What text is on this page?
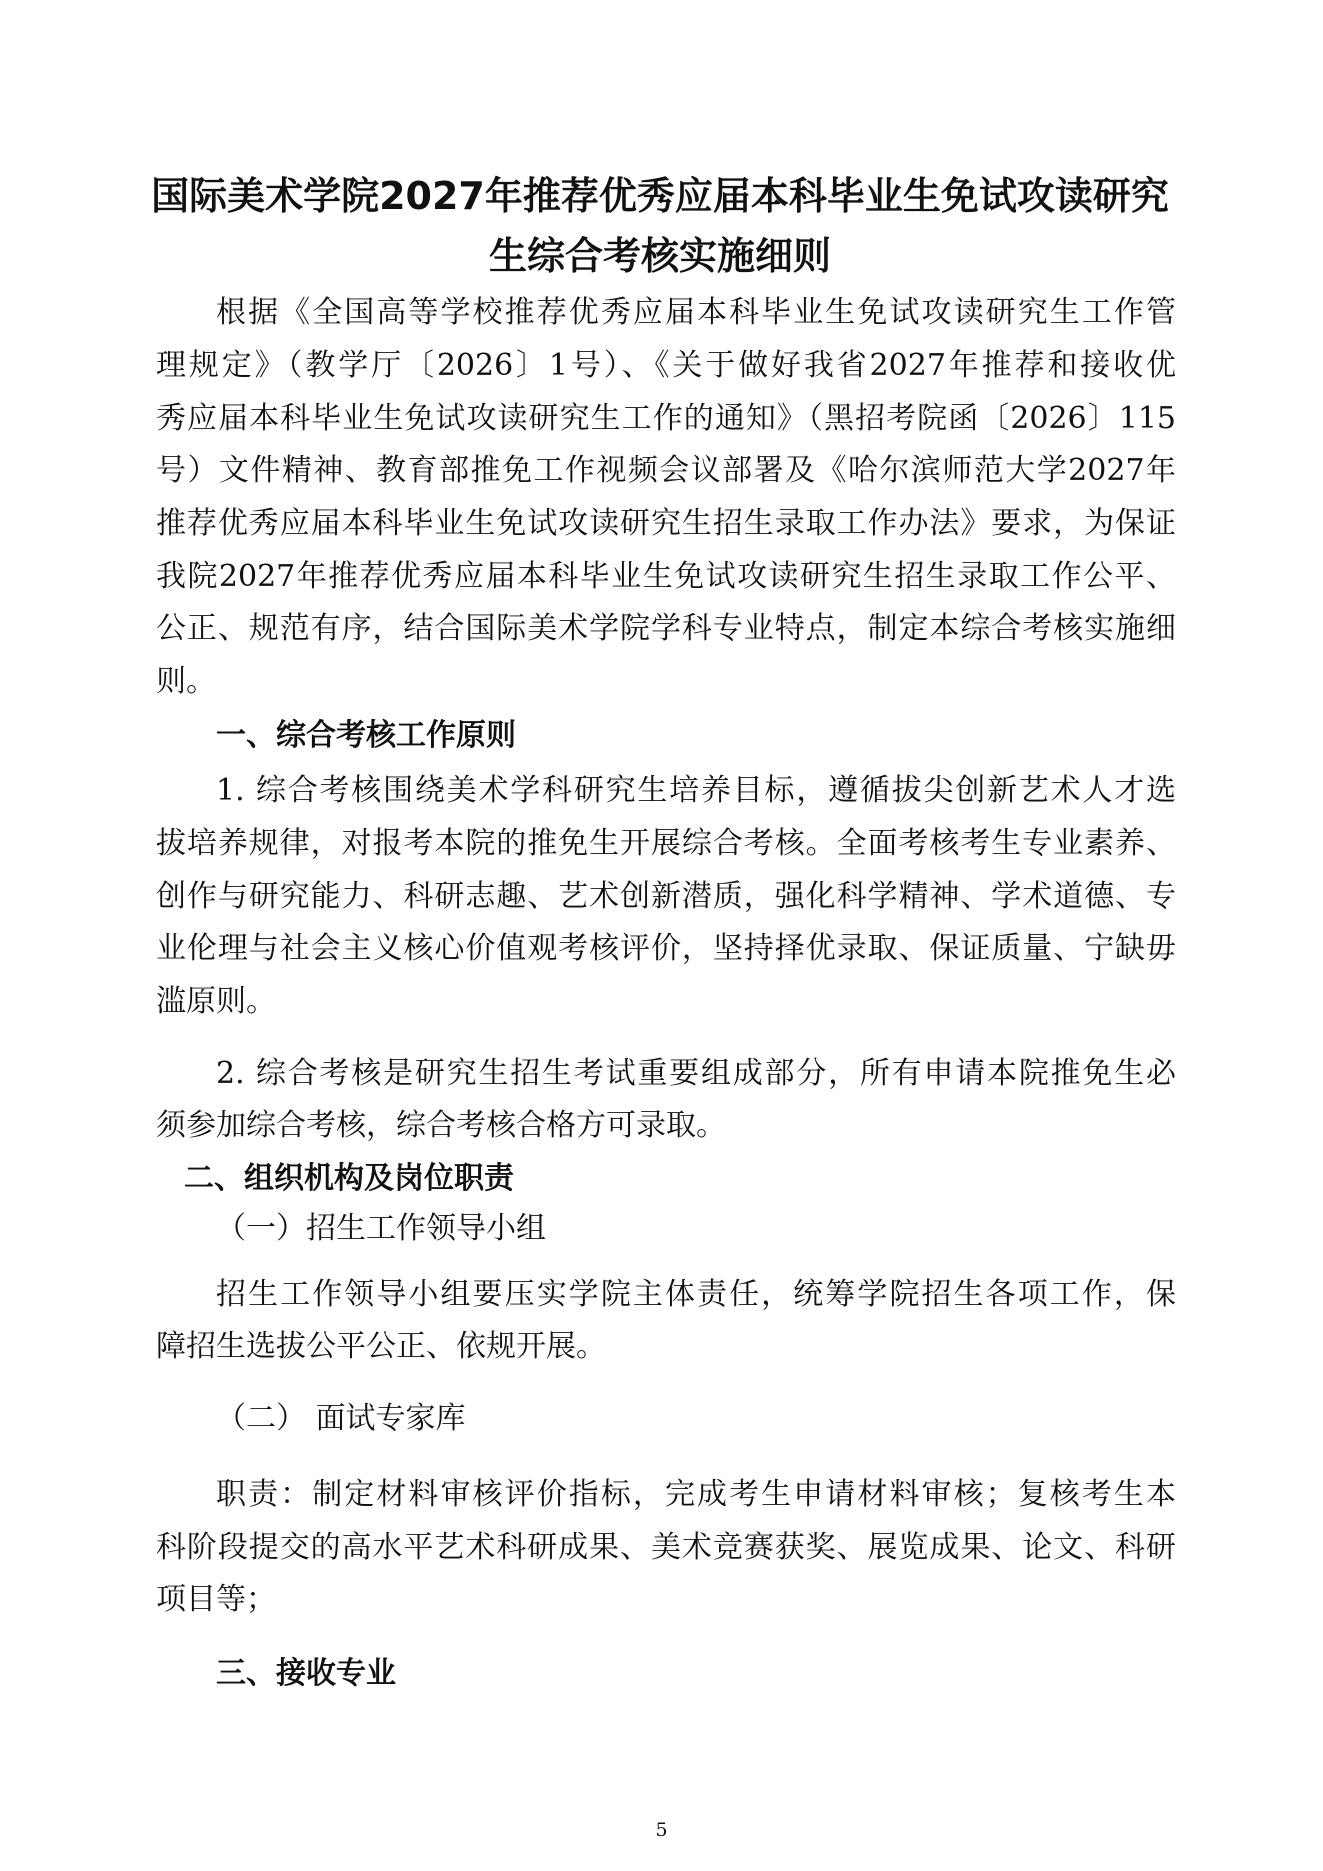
国际美术学院2027年推荐优秀应届本科毕业生免试攻读研究
生综合考核实施细则
根据《全国高等学校推荐优秀应届本科毕业生免试攻读研究生工作管
理规定》（教学厅〔2026〕1号）、《关于做好我省2027年推荐和接收优
秀应届本科毕业生免试攻读研究生工作的通知》（黑招考院函〔2026〕115
号）文件精神、教育部推免工作视频会议部署及《哈尔滨师范大学2027年
推荐优秀应届本科毕业生免试攻读研究生招生录取工作办法》要求，为保证
我院2027年推荐优秀应届本科毕业生免试攻读研究生招生录取工作公平、
公正、规范有序，结合国际美术学院学科专业特点，制定本综合考核实施细
则。
一、综合考核工作原则
1. 综合考核围绕美术学科研究生培养目标，遵循拔尖创新艺术人才选
拔培养规律，对报考本院的推免生开展综合考核。全面考核考生专业素养、
创作与研究能力、科研志趣、艺术创新潜质，强化科学精神、学术道德、专
业伦理与社会主义核心价值观考核评价，坚持择优录取、保证质量、宁缺毋
滥原则。
2. 综合考核是研究生招生考试重要组成部分，所有申请本院推免生必
须参加综合考核，综合考核合格方可录取。
二、组织机构及岗位职责
（一）招生工作领导小组
招生工作领导小组要压实学院主体责任，统筹学院招生各项工作，保
障招生选拔公平公正、依规开展。
（二） 面试专家库
职责：制定材料审核评价指标，完成考生申请材料审核；复核考生本
科阶段提交的高水平艺术科研成果、美术竞赛获奖、展览成果、论文、科研
项目等；
三、接收专业
5
